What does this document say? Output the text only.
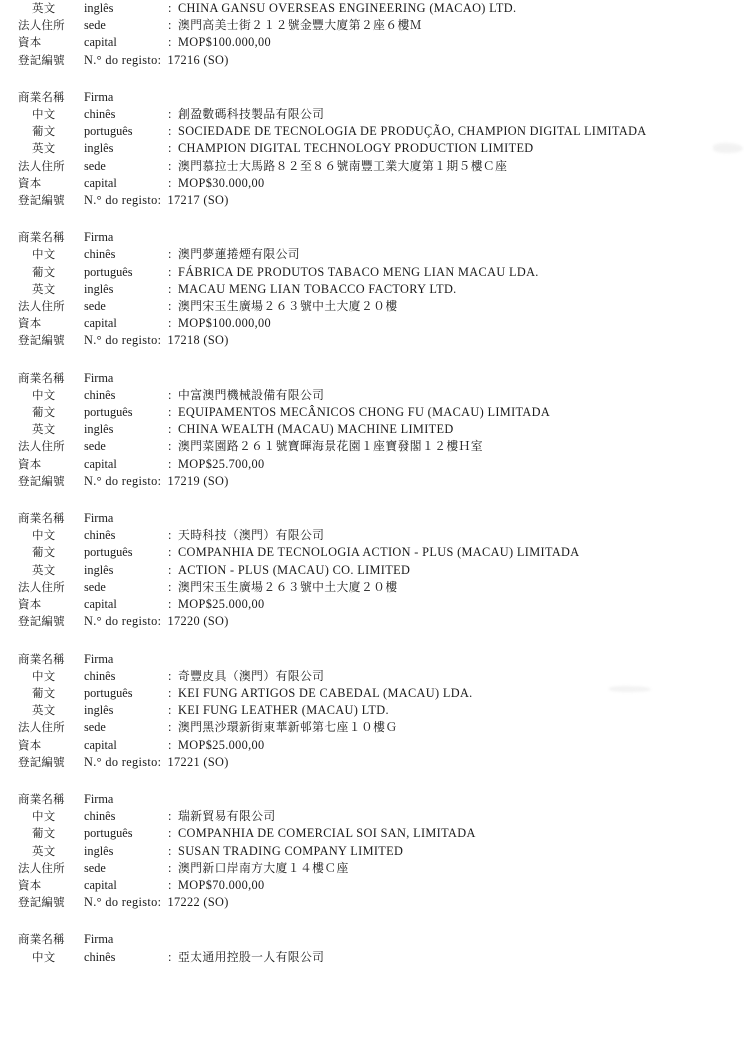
英文	inglês	: CHINA GANSU OVERSEAS ENGINEERING (MACAO) LTD.
法人住所	sede	: 澳門高美士街２１２號金豐大廈第２座６樓Ｍ
資本	capital	: MOP$100.000,00
登記編號	N.° do registo: 17216 (SO)
商業名稱	Firma
中文	chinês	: 創盈數碼科技製品有限公司
葡文	português	: SOCIEDADE DE TECNOLOGIA DE PRODUÇÃO, CHAMPION DIGITAL LIMITADA
英文	inglês	: CHAMPION DIGITAL TECHNOLOGY PRODUCTION LIMITED
法人住所	sede	: 澳門慕拉士大馬路８２至８６號南豐工業大廈第１期５樓Ｃ座
資本	capital	: MOP$30.000,00
登記編號	N.° do registo: 17217 (SO)
商業名稱	Firma
中文	chinês	: 澳門夢蓮捲煙有限公司
葡文	português	: FÁBRICA DE PRODUTOS TABACO MENG LIAN MACAU LDA.
英文	inglês	: MACAU MENG LIAN TOBACCO FACTORY LTD.
法人住所	sede	: 澳門宋玉生廣場２６３號中土大廈２０樓
資本	capital	: MOP$100.000,00
登記編號	N.° do registo: 17218 (SO)
商業名稱	Firma
中文	chinês	: 中富澳門機械設備有限公司
葡文	português	: EQUIPAMENTOS MECÂNICOS CHONG FU (MACAU) LIMITADA
英文	inglês	: CHINA WEALTH (MACAU) MACHINE LIMITED
法人住所	sede	: 澳門菜園路２６１號寶暉海景花園１座寶發閣１２樓Ｈ室
資本	capital	: MOP$25.700,00
登記編號	N.° do registo: 17219 (SO)
商業名稱	Firma
中文	chinês	: 天時科技（澳門）有限公司
葡文	português	: COMPANHIA DE TECNOLOGIA ACTION - PLUS (MACAU) LIMITADA
英文	inglês	: ACTION - PLUS (MACAU) CO. LIMITED
法人住所	sede	: 澳門宋玉生廣場２６３號中土大廈２０樓
資本	capital	: MOP$25.000,00
登記編號	N.° do registo: 17220 (SO)
商業名稱	Firma
中文	chinês	: 奇豐皮具（澳門）有限公司
葡文	português	: KEI FUNG ARTIGOS DE CABEDAL (MACAU) LDA.
英文	inglês	: KEI FUNG LEATHER (MACAU) LTD.
法人住所	sede	: 澳門黑沙環新街東華新邨第七座１０樓Ｇ
資本	capital	: MOP$25.000,00
登記編號	N.° do registo: 17221 (SO)
商業名稱	Firma
中文	chinês	: 瑞新貿易有限公司
葡文	português	: COMPANHIA DE COMERCIAL SOI SAN, LIMITADA
英文	inglês	: SUSAN TRADING COMPANY LIMITED
法人住所	sede	: 澳門新口岸南方大廈１４樓Ｃ座
資本	capital	: MOP$70.000,00
登記編號	N.° do registo: 17222 (SO)
商業名稱	Firma
中文	chinês	: 亞太通用控股一人有限公司
